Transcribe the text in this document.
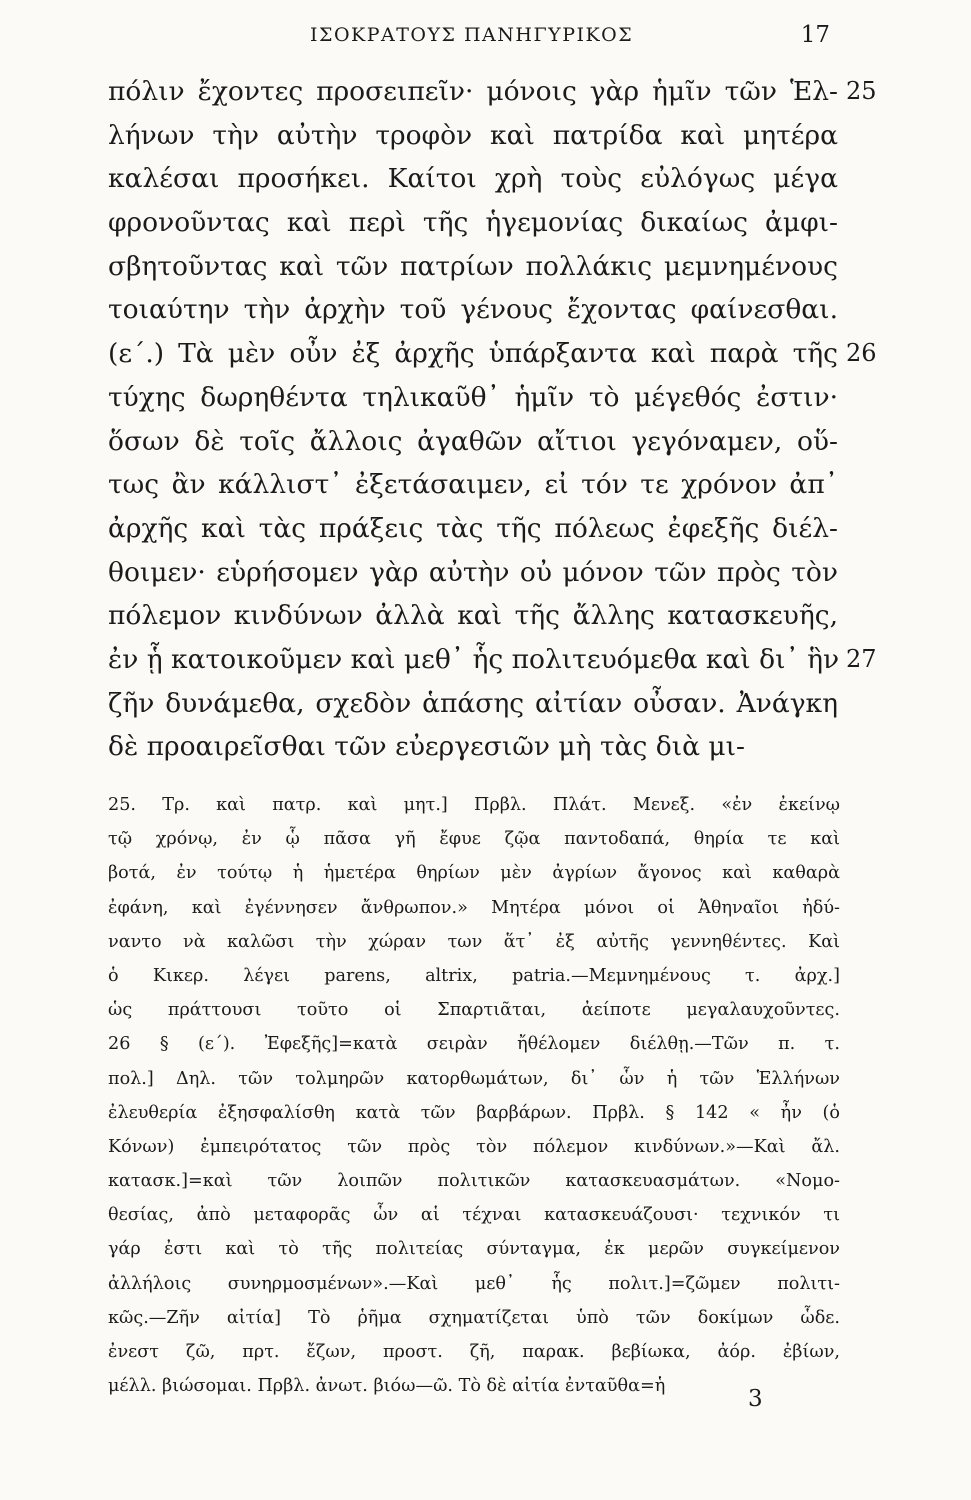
ΙΣΟΚΡΑΤΟΥΣ ΠΑΝΗΓΥΡΙΚΟΣ	17
πόλιν ἔχοντες προσειπεῖν· μόνοις γὰρ ἡμῖν τῶν Ἑλ- 25
λήνων τὴν αὐτὴν τροφὸν καὶ πατρίδα καὶ μητέρα
καλέσαι προσήκει. Καίτοι χρὴ τοὺς εὐλόγως μέγα
φρονοῦντας καὶ περὶ τῆς ἡγεμονίας δικαίως ἀμφι-
σβητοῦντας καὶ τῶν πατρίων πολλάκις μεμνημένους
τοιαύτην τὴν ἀρχὴν τοῦ γένους ἔχοντας φαίνεσθαι.
(ε΄.) Τὰ μὲν οὖν ἐξ ἀρχῆς ὑπάρξαντα καὶ παρὰ τῆς 26
τύχης δωρηθέντα τηλικαῦθ᾽ ἡμῖν τὸ μέγεθός ἐστιν·
ὅσων δὲ τοῖς ἄλλοις ἀγαθῶν αἴτιοι γεγόναμεν, οὕ-
τως ἂν κάλλιστ᾽ ἐξετάσαιμεν, εἰ τόν τε χρόνον ἀπ᾽
ἀρχῆς καὶ τὰς πράξεις τὰς τῆς πόλεως ἐφεξῆς διέλ-
θοιμεν· εὑρήσομεν γὰρ αὐτὴν οὐ μόνον τῶν πρὸς τὸν
πόλεμον κινδύνων ἀλλὰ καὶ τῆς ἄλλης κατασκευῆς,
ἐν ᾗ κατοικοῦμεν καὶ μεθ᾽ ἧς πολιτευόμεθα καὶ δι᾽ ἣν 27
ζῆν δυνάμεθα, σχεδὸν ἁπάσης αἰτίαν οὖσαν. Ἀνάγκη
δὲ προαιρεῖσθαι τῶν εὐεργεσιῶν μὴ τὰς διὰ μι-
25. Τρ. καὶ πατρ. καὶ μητ.] Πρβλ. Πλάτ. Μενεξ. «ἐν ἐκείνῳ
τῷ χρόνῳ, ἐν ᾧ πᾶσα γῆ ἔφυε ζῷα παντοδαπά, θηρία τε καὶ
βοτά, ἐν τούτῳ ἡ ἡμετέρα θηρίων μὲν ἀγρίων ἄγονος καὶ καθαρὰ
ἐφάνη, καὶ ἐγέννησεν ἄνθρωπον.» Μητέρα μόνοι οἱ Ἀθηναῖοι ἠδύ-
ναντο νὰ καλῶσι τὴν χώραν των ἅτ᾽ ἐξ αὐτῆς γεννηθέντες. Καὶ
ὁ Κικερ. λέγει parens, altrix, patria.—Μεμνημένους τ. ἀρχ.]
ὡς πράττουσι τοῦτο οἱ Σπαρτιᾶται, ἀείποτε μεγαλαυχοῦντες.
26 § (ε΄). Ἐφεξῆς]=κατὰ σειρὰν ἤθέλομεν διέλθῃ.—Τῶν π. τ.
πολ.] Δηλ. τῶν τολμηρῶν κατορθωμάτων, δι᾽ ὧν ἡ τῶν Ἑλλήνων
ἐλευθερία ἐξησφαλίσθη κατὰ τῶν βαρβάρων. Πρβλ. § 142 « ἦν (ὁ
Κόνων) ἐμπειρότατος τῶν πρὸς τὸν πόλεμον κινδύνων.»—Καὶ ἄλ.
κατασκ.]=καὶ τῶν λοιπῶν πολιτικῶν κατασκευασμάτων. «Νομο-
θεσίας, ἀπὸ μεταφορᾶς ὧν αἱ τέχναι κατασκευάζουσι· τεχνικόν τι
γάρ ἐστι καὶ τὸ τῆς πολιτείας σύνταγμα, ἐκ μερῶν συγκείμενον
ἀλλήλοις συνηρμοσμένων».—Καὶ μεθ᾽ ἧς πολιτ.]=ζῶμεν πολιτι-
κῶς.—Ζῆν αἰτία] Τὸ ῥῆμα σχηματίζεται ὑπὸ τῶν δοκίμων ὧδε.
ἐνεστ ζῶ, πρτ. ἔζων, προστ. ζῆ, παρακ. βεβίωκα, ἀόρ. ἐβίων,
μέλλ. βιώσομαι. Πρβλ. ἀνωτ. βιόω—ῶ. Τὸ δὲ αἰτία ἐνταῦθα=ἡ	3
